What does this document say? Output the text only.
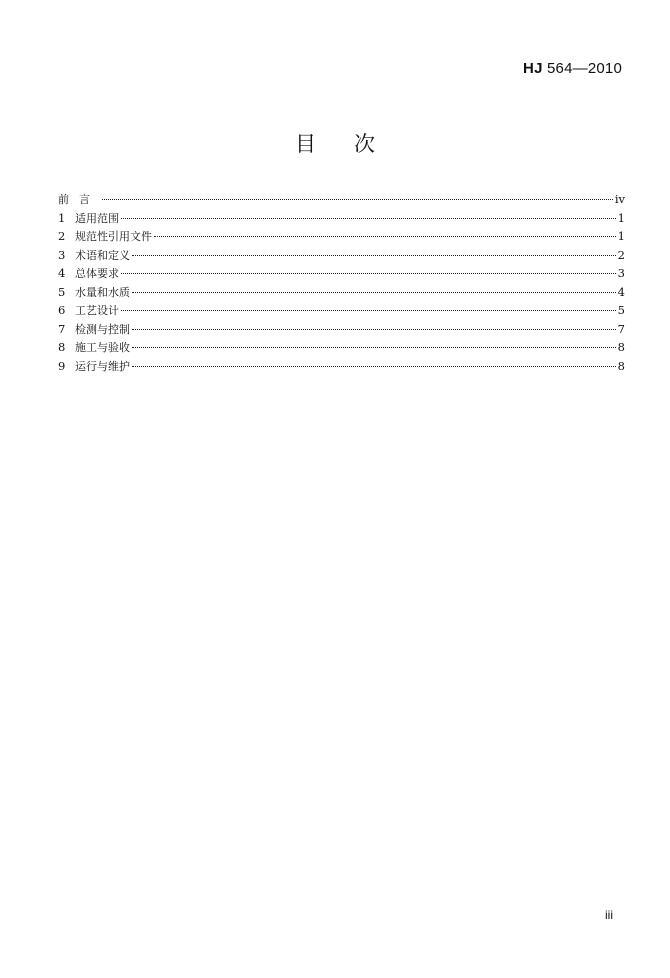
HJ 564—2010
目次
前言	iv
1 适用范围	1
2 规范性引用文件	1
3 术语和定义	2
4 总体要求	3
5 水量和水质	4
6 工艺设计	5
7 检测与控制	7
8 施工与验收	8
9 运行与维护	8
iii
